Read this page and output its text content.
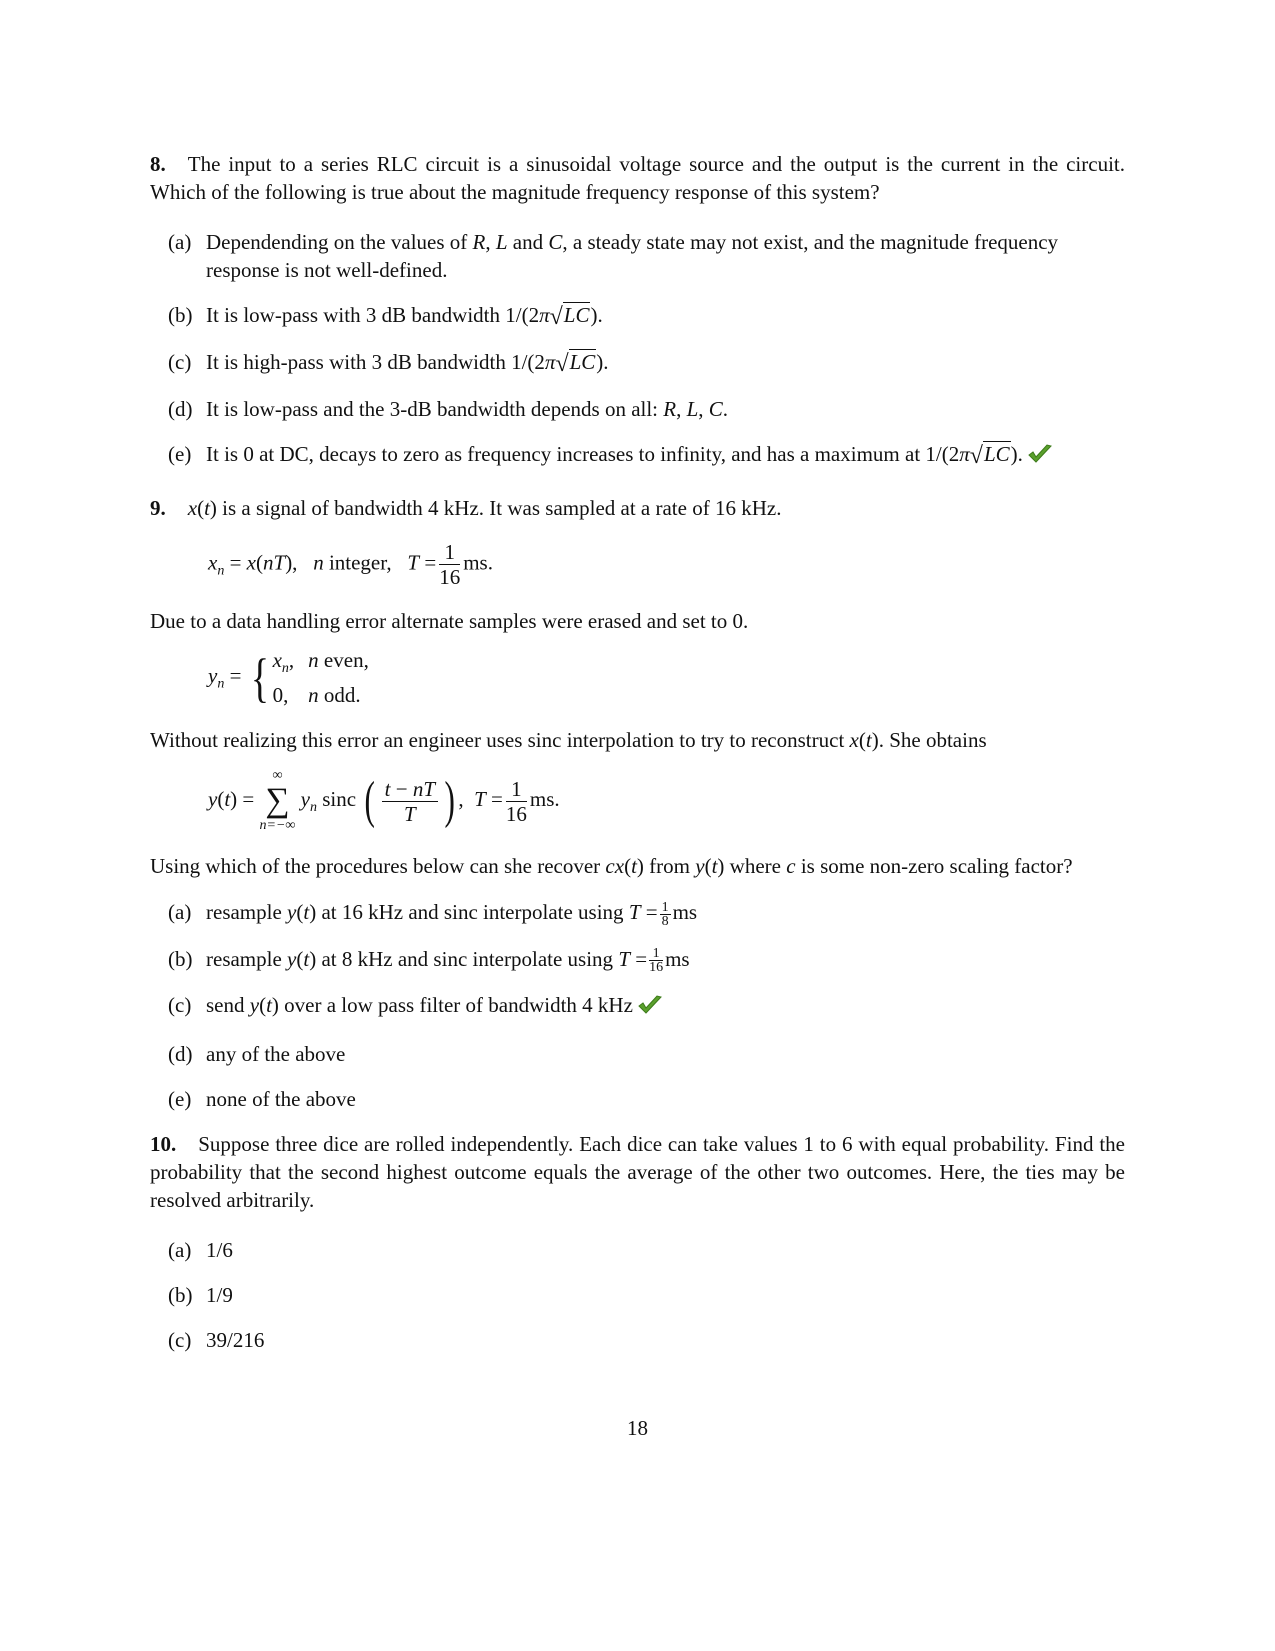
8. The input to a series RLC circuit is a sinusoidal voltage source and the output is the current in the circuit. Which of the following is true about the magnitude frequency response of this system?

(a) Dependending on the values of R, L and C, a steady state may not exist, and the magnitude frequency response is not well-defined.
(b) It is low-pass with 3 dB bandwidth 1/(2π√LC).
(c) It is high-pass with 3 dB bandwidth 1/(2π√LC).
(d) It is low-pass and the 3-dB bandwidth depends on all: R, L, C.
(e) It is 0 at DC, decays to zero as frequency increases to infinity, and has a maximum at 1/(2π√LC).

9. x(t) is a signal of bandwidth 4 kHz. It was sampled at a rate of 16 kHz.

$x_n = x(nT)$,   n integer, $T = \frac{1}{16}$ ms.

Due to a data handling error alternate samples were erased and set to 0.

$y_n$ = { $x_n$,	n even,
0,	n odd.

Without realizing this error an engineer uses sinc interpolation to try to reconstruct x(t). She obtains

y(t) =
∞
∑
n=−∞
$y_n$ sinc ( $\frac{t - nT}{T}$ ) ,  $T = \frac{1}{16}$ ms.

Using which of the procedures below can she recover cx(t) from y(t) where c is some non-zero scaling factor?

(a) resample y(t) at 16 kHz and sinc interpolate using $T = \frac{1}{8}$ ms
(b) resample y(t) at 8 kHz and sinc interpolate using $T = \frac{1}{16}$ ms
(c) send y(t) over a low pass filter of bandwidth 4 kHz
(d) any of the above
(e) none of the above

10. Suppose three dice are rolled independently. Each dice can take values 1 to 6 with equal probability. Find the probability that the second highest outcome equals the average of the other two outcomes. Here, the ties may be resolved arbitrarily.

(a) 1/6
(b) 1/9
(c) 39/216
18
